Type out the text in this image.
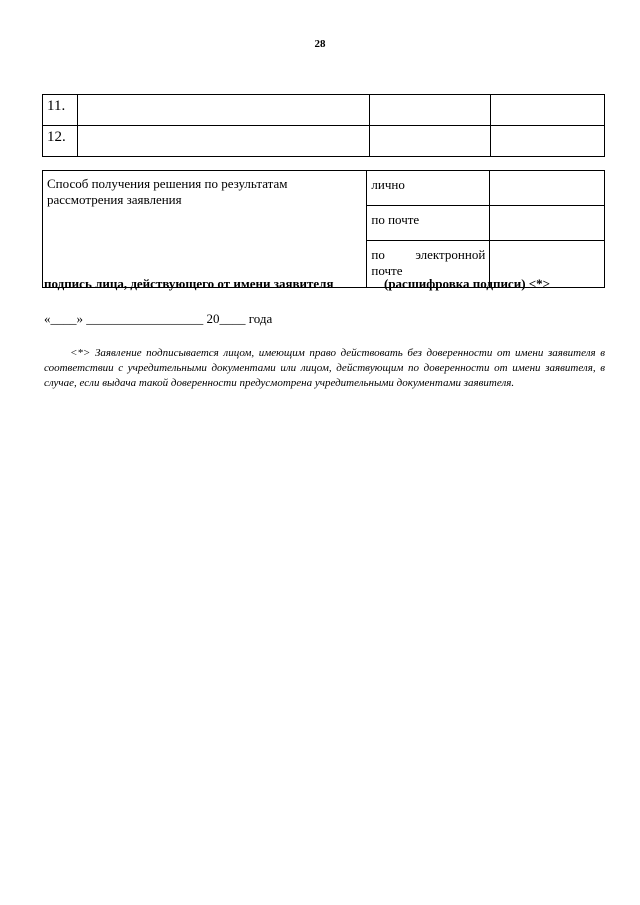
28
11.			
12.			
Способ получения решения по результатам рассмотрения заявления	лично	
	по почте	

	по электронной
почте	

подпись лица, действующего от имени заявителя	(расшифровка подписи) <*>
«____» __________________ 20____ года
<*> Заявление подписывается лицом, имеющим право действовать без доверенности от имени заявителя в соответствии с учредительными документами или лицом, действующим по доверенности от имени заявителя, в случае, если выдача такой доверенности предусмотрена учредительными документами заявителя.
